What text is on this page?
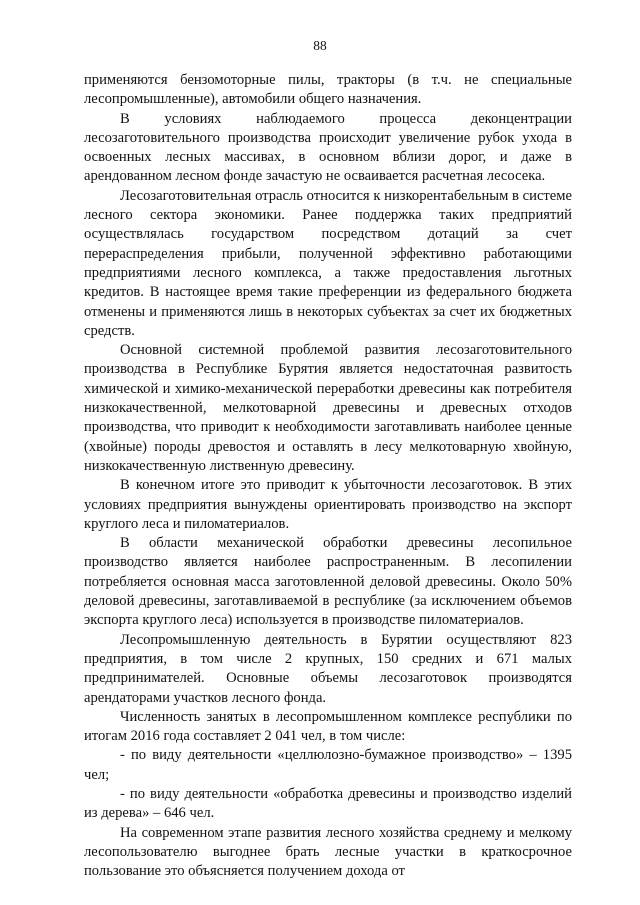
88

применяются бензомоторные пилы, тракторы (в т.ч. не специальные лесопромышленные), автомобили общего назначения.

В условиях наблюдаемого процесса деконцентрации лесозаготовительного производства происходит увеличение рубок ухода в освоенных лесных массивах, в основном вблизи дорог, и даже в арендованном лесном фонде зачастую не осваивается расчетная лесосека.

Лесозаготовительная отрасль относится к низкорентабельным в системе лесного сектора экономики. Ранее поддержка таких предприятий осуществлялась государством посредством дотаций за счет перераспределения прибыли, полученной эффективно работающими предприятиями лесного комплекса, а также предоставления льготных кредитов. В настоящее время такие преференции из федерального бюджета отменены и применяются лишь в некоторых субъектах за счет их бюджетных средств.

Основной системной проблемой развития лесозаготовительного производства в Республике Бурятия является недостаточная развитость химической и химико-механической переработки древесины как потребителя низкокачественной, мелкотоварной древесины и древесных отходов производства, что приводит к необходимости заготавливать наиболее ценные (хвойные) породы древостоя и оставлять в лесу мелкотоварную хвойную, низкокачественную лиственную древесину.

В конечном итоге это приводит к убыточности лесозаготовок. В этих условиях предприятия вынуждены ориентировать производство на экспорт круглого леса и пиломатериалов.

В области механической обработки древесины лесопильное производство является наиболее распространенным. В лесопилении потребляется основная масса заготовленной деловой древесины. Около 50% деловой древесины, заготавливаемой в республике (за исключением объемов экспорта круглого леса) используется в производстве пиломатериалов.

Лесопромышленную деятельность в Бурятии осуществляют 823 предприятия, в том числе 2 крупных, 150 средних и 671 малых предпринимателей. Основные объемы лесозаготовок производятся арендаторами участков лесного фонда.

Численность занятых в лесопромышленном комплексе республики по итогам 2016 года составляет 2 041 чел, в том числе:

- по виду деятельности «целлюлозно-бумажное производство» – 1395 чел;

- по виду деятельности «обработка древесины и производство изделий из дерева» – 646 чел.

На современном этапе развития лесного хозяйства среднему и мелкому лесопользователю выгоднее брать лесные участки в краткосрочное пользование это объясняется получением дохода от
